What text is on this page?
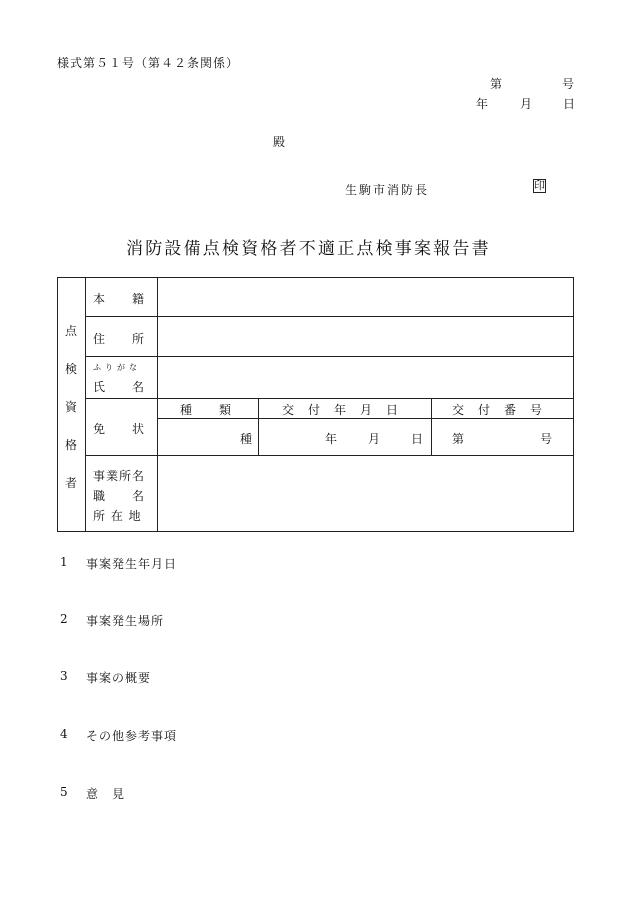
様式第５１号（第４２条関係）
第	号
年	月 日
殿
生駒市消防長	印
消防設備点検資格者不適正点検事案報告書
点
検
資
格
者
本　　籍
住　　所
ふりがな
氏　　名
免　　状
種　　類	交　付　年　月　日	交　付　番　号
種	年 月 日 第	号
事業所名
職　　名
所 在 地
1 事案発生年月日
2 事案発生場所
3 事案の概要
4 その他参考事項
5 意　見
